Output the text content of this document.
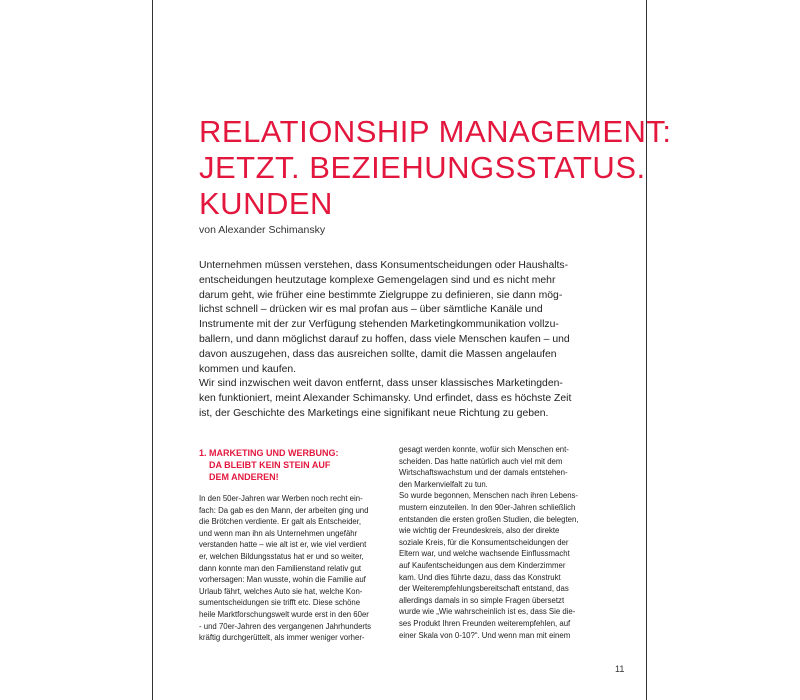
RELATIONSHIP MANAGEMENT:
JETZT. BEZIEHUNGSSTATUS.
KUNDEN
von Alexander Schimansky
Unternehmen müssen verstehen, dass Konsumentscheidungen oder Haushalts-
entscheidungen heutzutage komplexe Gemengelagen sind und es nicht mehr
darum geht, wie früher eine bestimmte Zielgruppe zu definieren, sie dann mög-
lichst schnell – drücken wir es mal profan aus – über sämtliche Kanäle und
Instrumente mit der zur Verfügung stehenden Marketingkommunikation vollzu-
ballern, und dann möglichst darauf zu hoffen, dass viele Menschen kaufen – und
davon auszugehen, dass das ausreichen sollte, damit die Massen angelaufen
kommen und kaufen.
Wir sind inzwischen weit davon entfernt, dass unser klassisches Marketingden-
ken funktioniert, meint Alexander Schimansky. Und erfindet, dass es höchste Zeit
ist, der Geschichte des Marketings eine signifikant neue Richtung zu geben.
1. MARKETING UND WERBUNG:
DA BLEIBT KEIN STEIN AUF
DEM ANDEREN!
In den 50er-Jahren war Werben noch recht ein-
fach: Da gab es den Mann, der arbeiten ging und
die Brötchen verdiente. Er galt als Entscheider,
und wenn man ihn als Unternehmen ungefähr
verstanden hatte – wie alt ist er, wie viel verdient
er, welchen Bildungsstatus hat er und so weiter,
dann konnte man den Familienstand relativ gut
vorhersagen: Man wusste, wohin die Familie auf
Urlaub fährt, welches Auto sie hat, welche Kon-
sumentscheidungen sie trifft etc. Diese schöne
heile Marktforschungswelt wurde erst in den 60er
- und 70er-Jahren des vergangenen Jahrhunderts
kräftig durchgerüttelt, als immer weniger vorher-
gesagt werden konnte, wofür sich Menschen ent-
scheiden. Das hatte natürlich auch viel mit dem
Wirtschaftswachstum und der damals entstehen-
den Markenvielfalt zu tun.
So wurde begonnen, Menschen nach ihren Lebens-
mustern einzuteilen. In den 90er-Jahren schließlich
entstanden die ersten großen Studien, die belegten,
wie wichtig der Freundeskreis, also der direkte
soziale Kreis, für die Konsumentscheidungen der
Eltern war, und welche wachsende Einflussmacht
auf Kaufentscheidungen aus dem Kinderzimmer
kam. Und dies führte dazu, dass das Konstrukt
der Weiterempfehlungsbereitschaft entstand, das
allerdings damals in so simple Fragen übersetzt
wurde wie „Wie wahrscheinlich ist es, dass Sie die-
ses Produkt Ihren Freunden weiterempfehlen, auf
einer Skala von 0-10?“. Und wenn man mit einem
11
